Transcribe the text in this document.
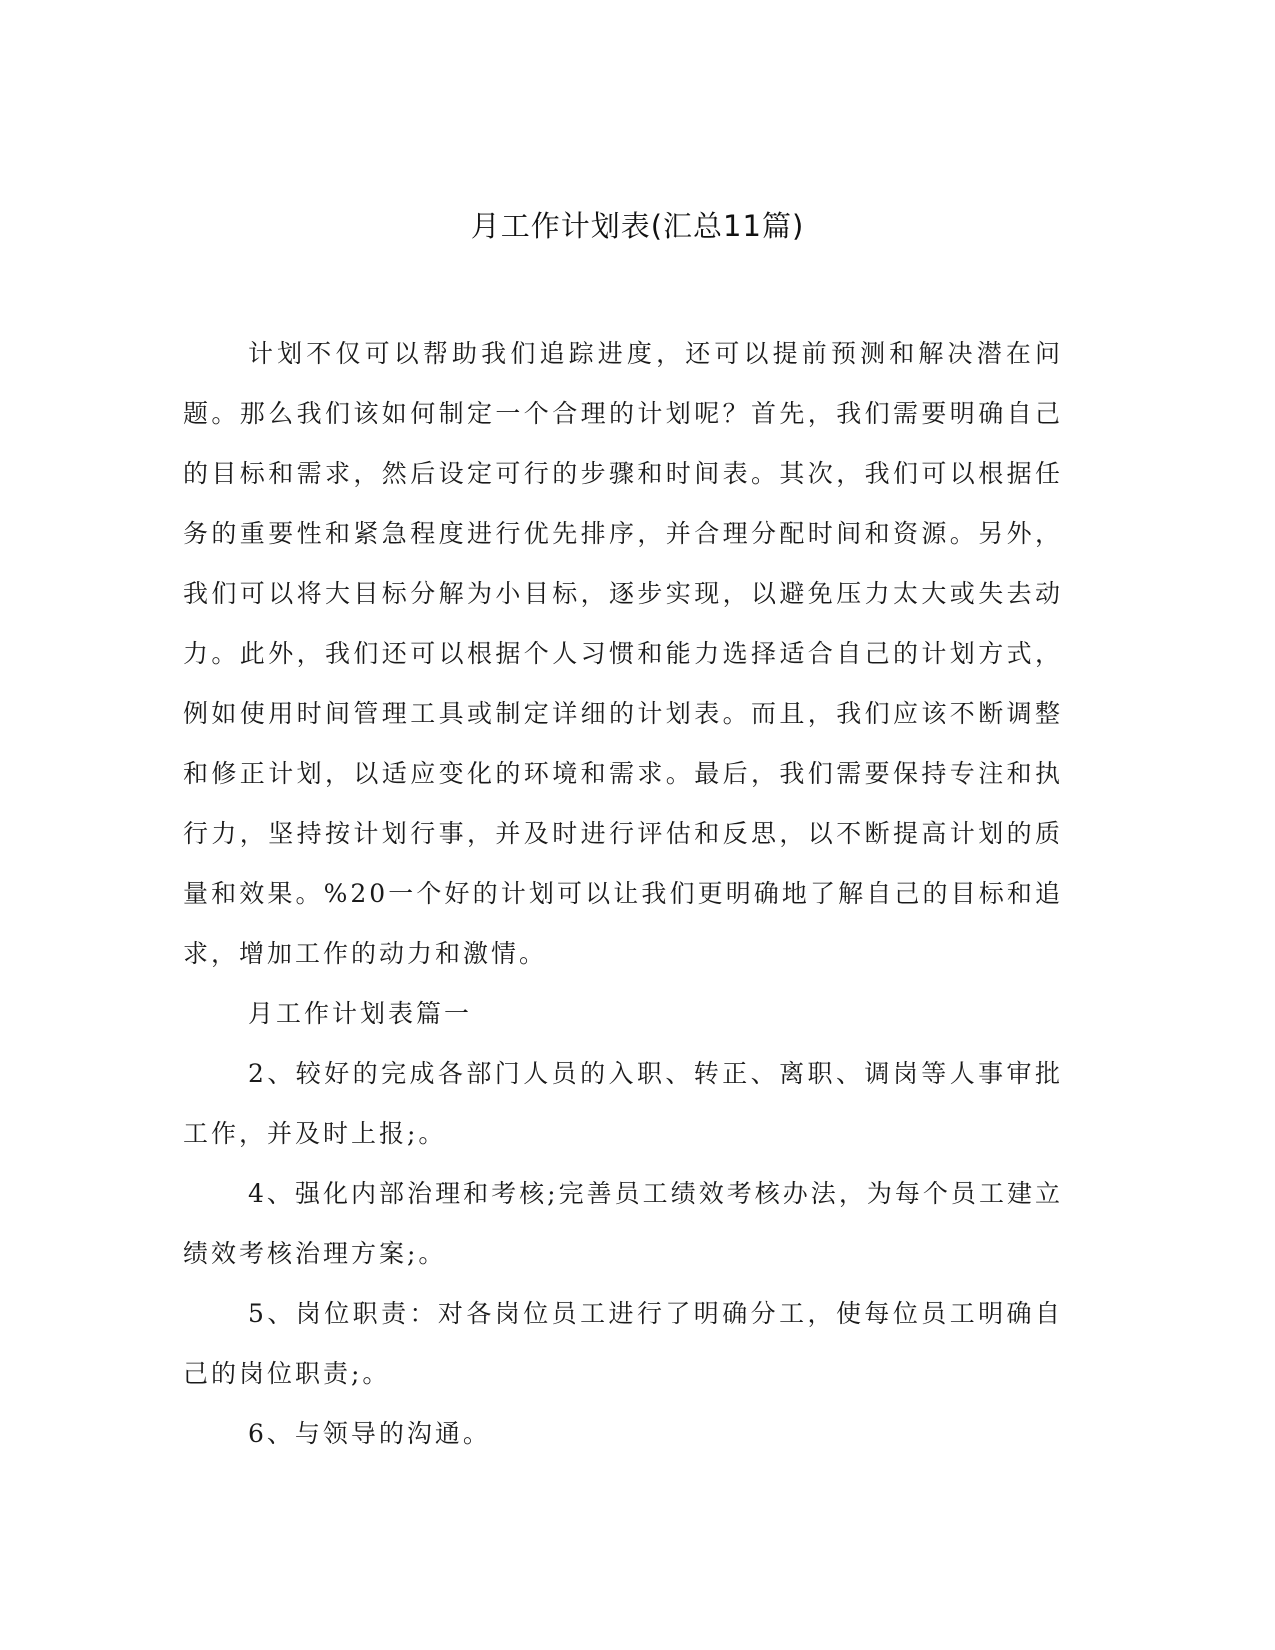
月工作计划表(汇总11篇)

计划不仅可以帮助我们追踪进度，还可以提前预测和解决潜在问题。那么我们该如何制定一个合理的计划呢？首先，我们需要明确自己的目标和需求，然后设定可行的步骤和时间表。其次，我们可以根据任务的重要性和紧急程度进行优先排序，并合理分配时间和资源。另外，我们可以将大目标分解为小目标，逐步实现，以避免压力太大或失去动力。此外，我们还可以根据个人习惯和能力选择适合自己的计划方式，例如使用时间管理工具或制定详细的计划表。而且，我们应该不断调整和修正计划，以适应变化的环境和需求。最后，我们需要保持专注和执行力，坚持按计划行事，并及时进行评估和反思，以不断提高计划的质量和效果。%20一个好的计划可以让我们更明确地了解自己的目标和追求，增加工作的动力和激情。

月工作计划表篇一

2、较好的完成各部门人员的入职、转正、离职、调岗等人事审批工作，并及时上报;。

4、强化内部治理和考核;完善员工绩效考核办法，为每个员工建立绩效考核治理方案;。

5、岗位职责：对各岗位员工进行了明确分工，使每位员工明确自己的岗位职责;。

6、与领导的沟通。
